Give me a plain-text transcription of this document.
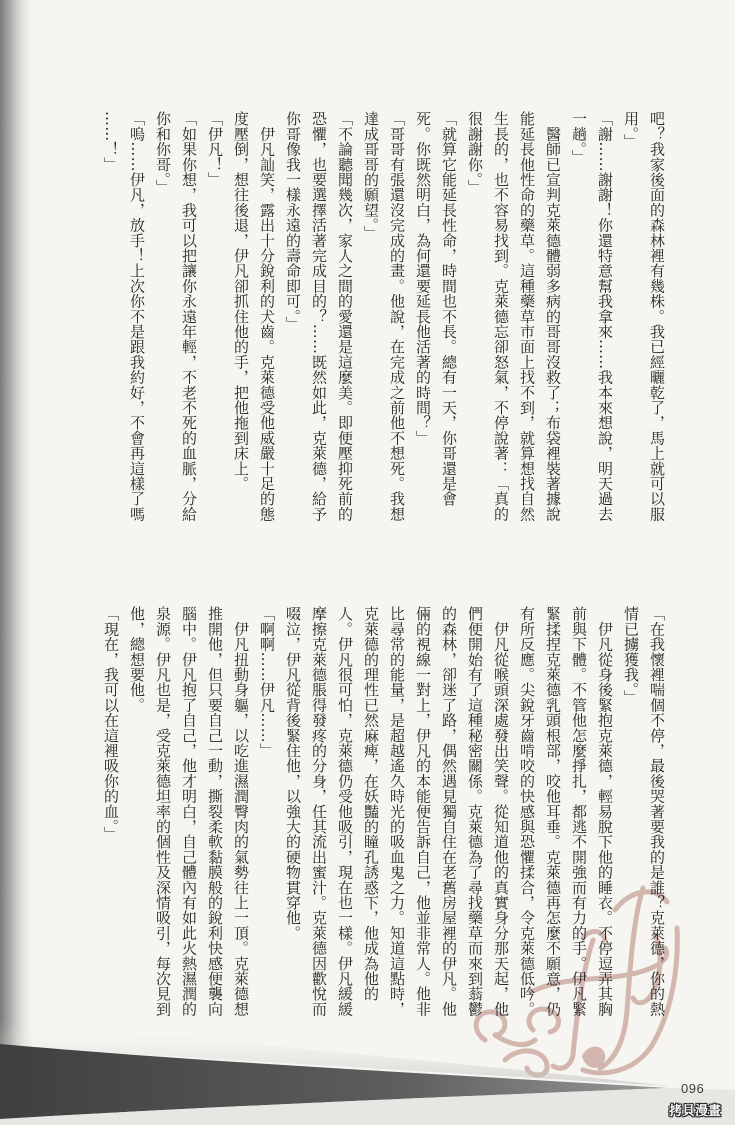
吧？我家後面的森林裡有幾株。我已經曬乾了，馬上就可以服
用。」
「謝……謝謝！你還特意幫我拿來……我本來想說，明天過去
一趟。」
　醫師已宣判克萊德體弱多病的哥哥沒救了；布袋裡裝著據說
能延長他性命的藥草。這種藥草市面上找不到，就算想找自然
生長的，也不容易找到。克萊德忘卻怒氣，不停說著：「真的
很謝謝你。」
「就算它能延長性命，時間也不長。總有一天，你哥還是會
死。你既然明白，為何還要延長他活著的時間？」
「哥哥有張還沒完成的畫。他說，在完成之前他不想死。我想
達成哥哥的願望。」
「不論聽聞幾次，家人之間的愛還是這麼美。即便壓抑死前的
恐懼，也要選擇活著完成目的？……既然如此，克萊德，給予
你哥像我一樣永遠的壽命即可。」
　伊凡訕笑，露出十分銳利的犬齒。克萊德受他威嚴十足的態
度壓倒，想往後退，伊凡卻抓住他的手，把他拖到床上。
「伊凡！」
「如果你想，我可以把讓你永遠年輕，不老不死的血脈，分給
你和你哥。」
「嗚……伊凡，放手！上次你不是跟我約好，不會再這樣了嗎
……！」
「在我懷裡喘個不停，最後哭著要我的是誰？克萊德，你的熱
情已擄獲我。」
　伊凡從身後緊抱克萊德，輕易脫下他的睡衣。不停逗弄其胸
前與下體。不管他怎麼掙扎，都逃不開強而有力的手。伊凡緊
緊揉捏克萊德乳頭根部，咬他耳垂。克萊德再怎麼不願意，仍
有所反應。尖銳牙齒啃咬的快感與恐懼揉合，令克萊德低吟。
　伊凡從喉頭深處發出笑聲。從知道他的真實身分那天起，他
們便開始有了這種秘密關係。克萊德為了尋找藥草而來到蓊鬱
的森林，卻迷了路，偶然遇見獨自住在老舊房屋裡的伊凡。他
倆的視線一對上，伊凡的本能便告訴自己，他並非常人。他非
比尋常的能量，是超越遙久時光的吸血鬼之力。知道這點時，
克萊德的理性已然麻痺，在妖豔的瞳孔誘惑下，他成為他的
人。伊凡很可怕，克萊德仍受他吸引，現在也一樣。伊凡緩緩
摩擦克萊德脹得發疼的分身，任其流出蜜汁。克萊德因歡悅而
啜泣，伊凡從背後緊住他，以強大的硬物貫穿他。
「啊啊……伊凡……」
　伊凡扭動身軀，以吃進濕潤臀肉的氣勢往上一頂。克萊德想
推開他，但只要自己一動，撕裂柔軟黏膜般的銳利快感便襲向
腦中。伊凡抱了自己，他才明白，自己體內有如此火熱濕潤的
泉源。伊凡也是，受克萊德坦率的個性及深情吸引，每次見到
他，總想要他。
「現在，我可以在這裡吸你的血。」
096
拷貝漫畫
